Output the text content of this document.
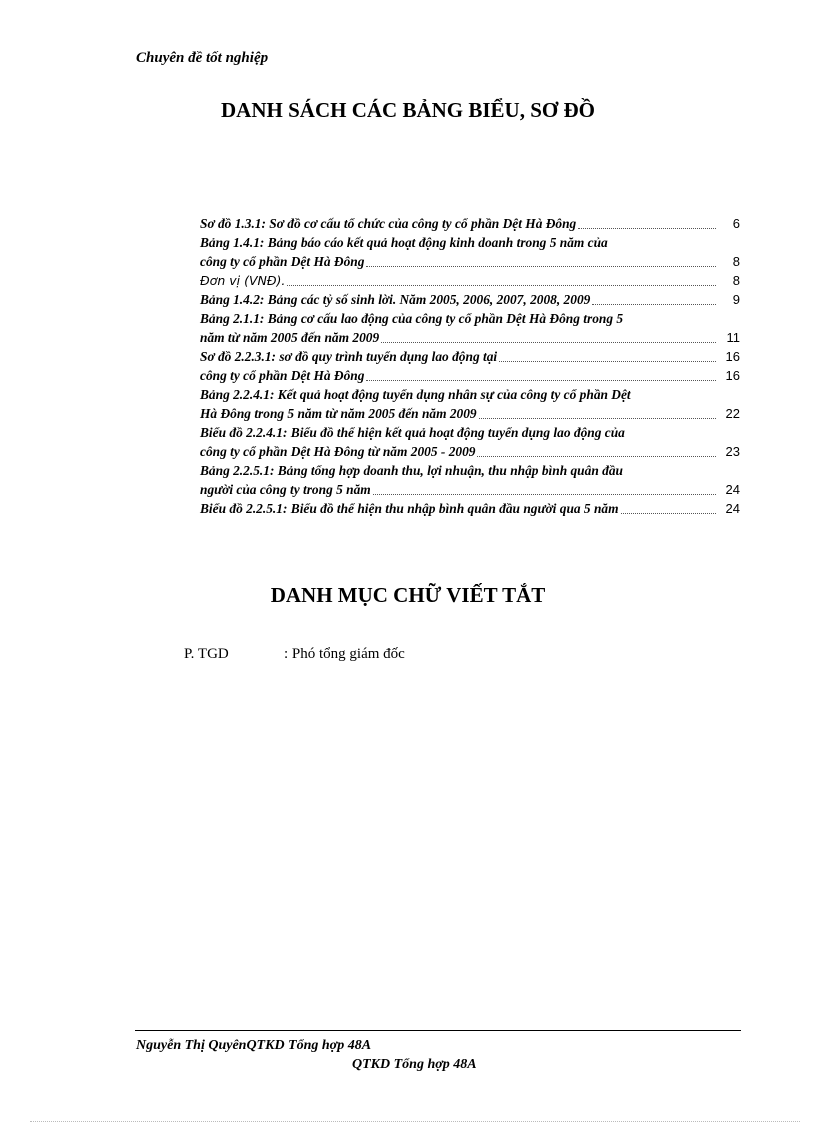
Chuyên đề tốt nghiệp
DANH SÁCH CÁC BẢNG BIỂU, SƠ ĐỒ
Sơ đồ 1.3.1: Sơ đồ cơ cấu tổ chức của công ty cổ phần Dệt Hà Đông	6
Bảng 1.4.1: Bảng báo cáo kết quả hoạt động kinh doanh trong 5 năm của
công ty cổ phần Dệt Hà Đông	8
Đơn vị (VNĐ).	8
Bảng 1.4.2: Bảng các tỷ số sinh lời. Năm 2005, 2006, 2007, 2008, 2009	9
Bảng 2.1.1: Bảng cơ cấu lao động của công ty cổ phần Dệt Hà Đông trong 5
năm từ năm 2005 đến năm 2009	11
Sơ đồ 2.2.3.1: sơ đồ quy trình tuyển dụng lao động tại	16
công ty cổ phần Dệt Hà Đông	16
Bảng 2.2.4.1: Kết quả hoạt động tuyển dụng nhân sự của công ty cổ phần Dệt
Hà Đông trong 5 năm từ năm 2005 đến năm 2009	22
Biểu đồ 2.2.4.1: Biểu đồ thể hiện kết quả hoạt động tuyển dụng lao động của
công ty cổ phần Dệt Hà Đông từ năm 2005 - 2009	23
Bảng 2.2.5.1: Bảng tổng hợp doanh thu, lợi nhuận, thu nhập bình quân đầu
người của công ty trong 5 năm	24
Biểu đồ 2.2.5.1: Biểu đồ thể hiện thu nhập bình quân đầu người qua 5 năm	24
DANH MỤC CHỮ VIẾT TẮT
P. TGD	: Phó tổng giám đốc
Nguyễn Thị QuyênQTKD Tổng hợp 48A
QTKD Tổng hợp 48A
